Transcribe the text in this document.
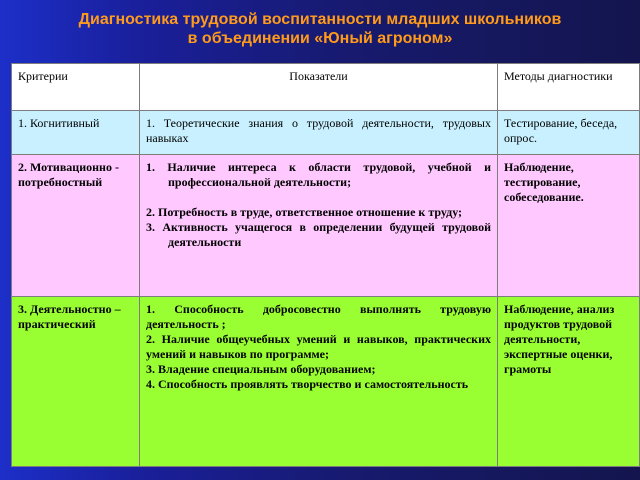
Диагностика трудовой воспитанности младших школьников
в объединении «Юный агроном»
Критерии	Показатели	Методы диагностики
1. Когнитивный	1. Теоретические знания о трудовой деятельности, трудовых навыках	Тестирование, беседа, опрос.
2. Мотивационно - потребностный	1. Наличие интереса к области трудовой, учебной и профессиональной деятельности;

2. Потребность в труде, ответственное отношение к труду;

3. Активность учащегося в определении будущей трудовой деятельности	Наблюдение, тестирование, собеседование.
3. Деятельностно – практический	1. Способность добросовестно выполнять трудовую деятельность ;

2. Наличие общеучебных умений и навыков, практических умений и навыков по программе;

3. Владение специальным оборудованием;

4. Способность проявлять творчество и самостоятельность	Наблюдение, анализ продуктов трудовой деятельности, экспертные оценки, грамоты
